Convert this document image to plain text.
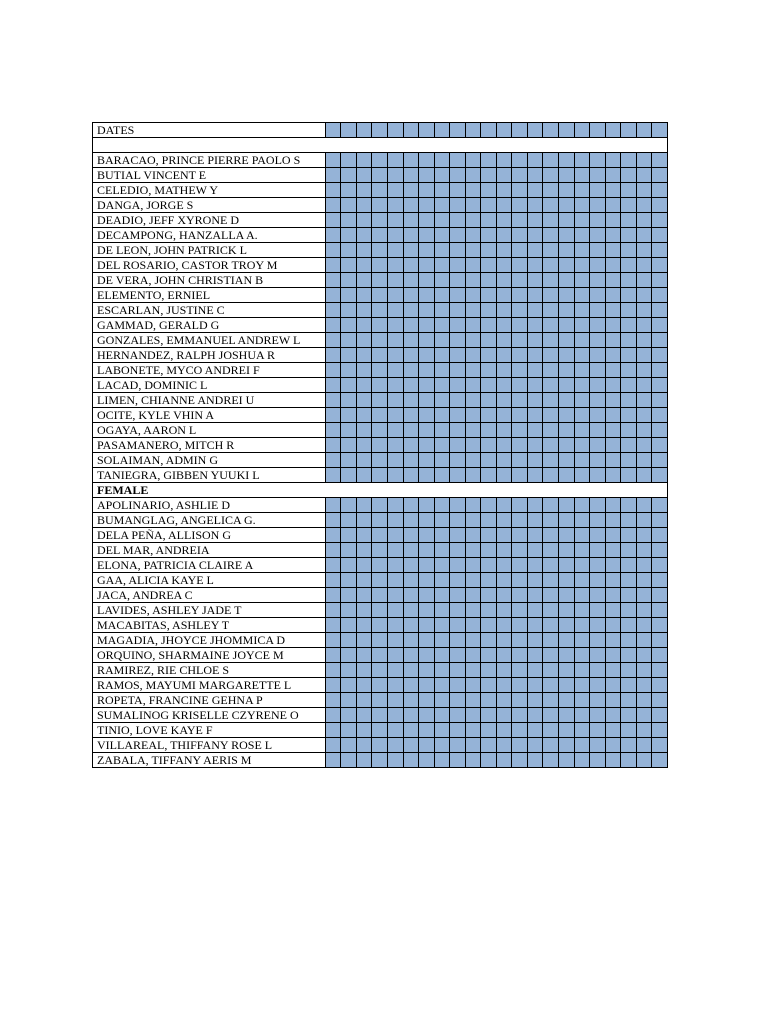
DATES																						

BARACAO, PRINCE PIERRE PAOLO S																						
BUTIAL VINCENT E																						
CELEDIO, MATHEW Y																						
DANGA, JORGE S																						
DEADIO, JEFF XYRONE D																						
DECAMPONG, HANZALLA A.																						
DE LEON, JOHN PATRICK L																						
DEL ROSARIO, CASTOR TROY M																						
DE VERA, JOHN CHRISTIAN B																						
ELEMENTO, ERNIEL																						
ESCARLAN, JUSTINE C																						
GAMMAD, GERALD G																						
GONZALES, EMMANUEL ANDREW L																						
HERNANDEZ, RALPH JOSHUA R																						
LABONETE, MYCO ANDREI F																						
LACAD, DOMINIC L																						
LIMEN, CHIANNE ANDREI U																						
OCITE, KYLE VHIN A																						
OGAYA, AARON L																						
PASAMANERO, MITCH R																						
SOLAIMAN, ADMIN G																						
TANIEGRA, GIBBEN YUUKI L																						
FEMALE																						
APOLINARIO, ASHLIE D																						
BUMANGLAG, ANGELICA G.																						
DELA PEÑA, ALLISON G																						
DEL MAR, ANDREIA																						
ELONA, PATRICIA CLAIRE A																						
GAA, ALICIA KAYE L																						
JACA, ANDREA C																						
LAVIDES, ASHLEY JADE T																						
MACABITAS, ASHLEY T																						
MAGADIA, JHOYCE JHOMMICA D																						
ORQUINO, SHARMAINE JOYCE M																						
RAMIREZ, RIE CHLOE S																						
RAMOS, MAYUMI MARGARETTE L																						
ROPETA, FRANCINE GEHNA P																						
SUMALINOG KRISELLE CZYRENE O																						
TINIO, LOVE KAYE F																						
VILLAREAL, THIFFANY ROSE L																						
ZABALA, TIFFANY AERIS M																						
